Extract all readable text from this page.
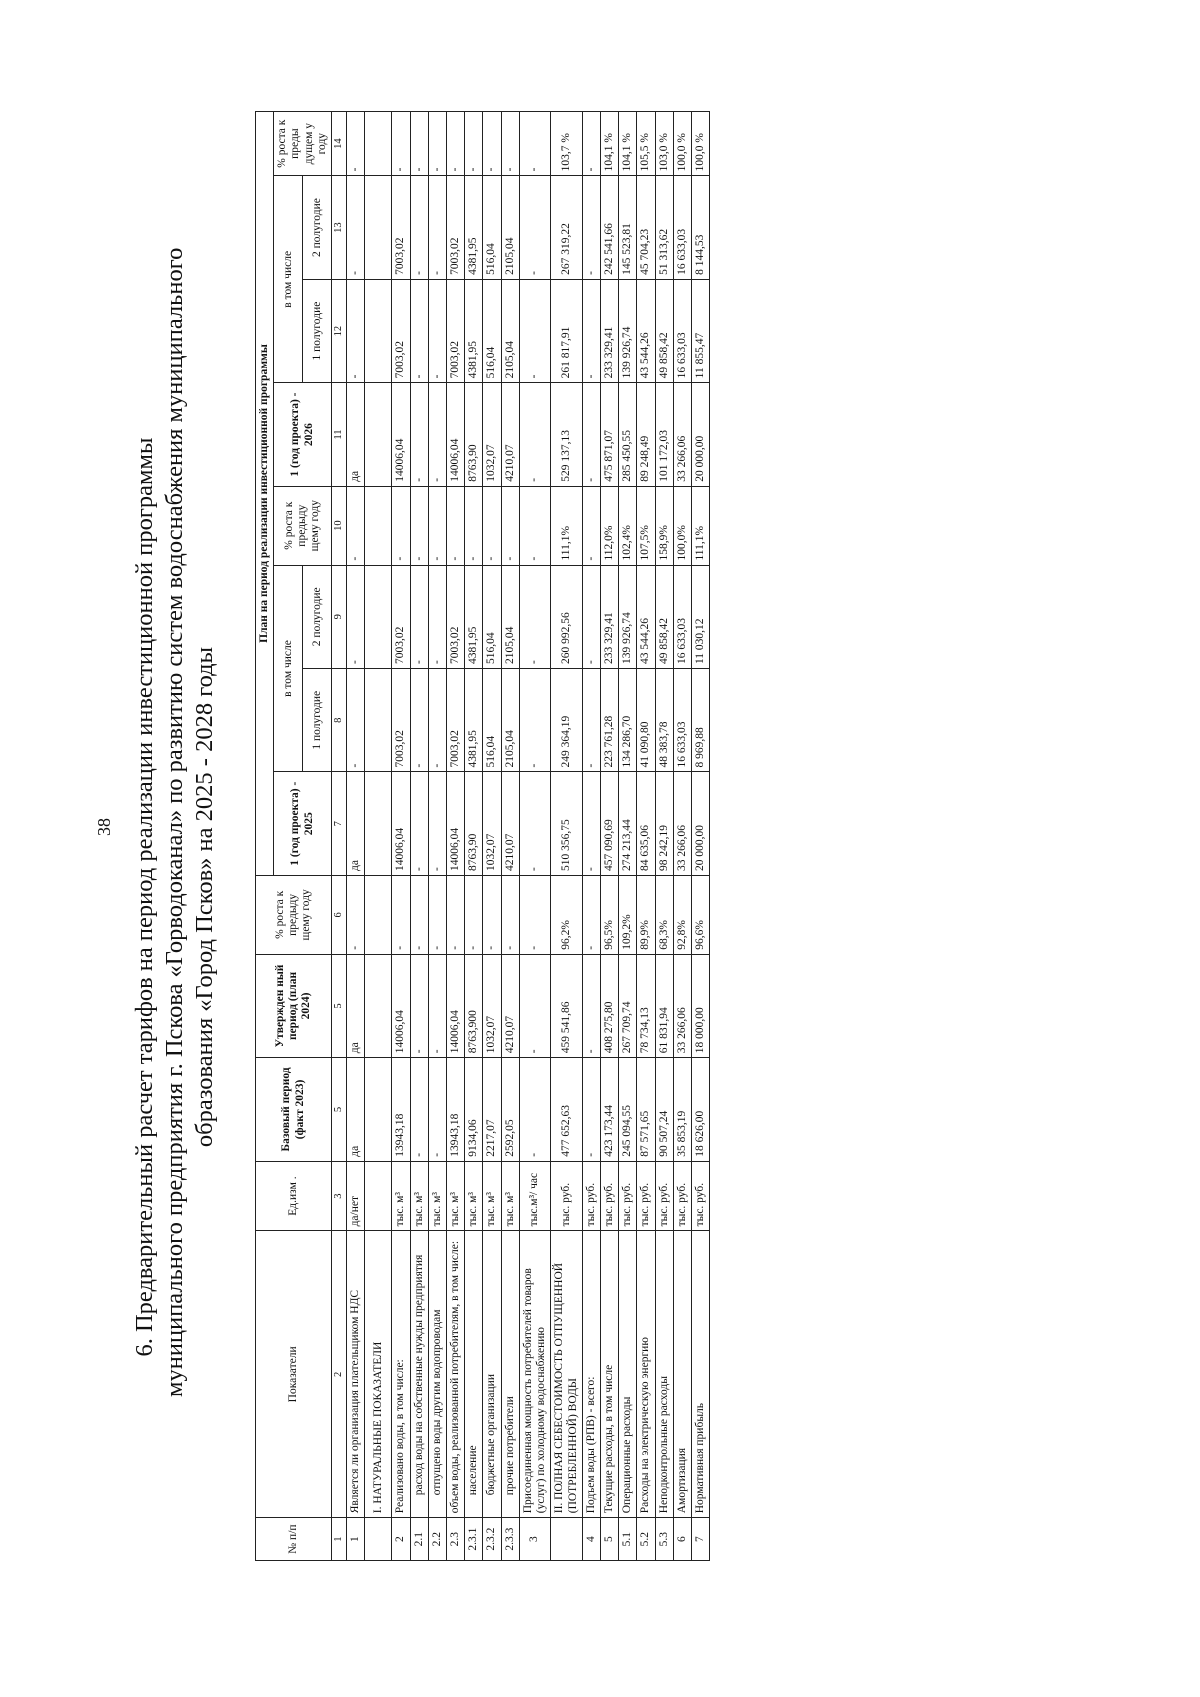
38 6. Предварительный расчет тарифов на период реализации инвестиционной программы муниципального предприятия г. Пскова «Горводоканал» по развитию систем водоснабжения муниципального образования «Город Псков» на 2025 - 2028 годы
№ п/п	Показатели	Ед.изм .	Базовый период (факт 2023)	Утвержден ный период (план 2024)	% роста к предыду щему году	План на период реализации инвестиционной программы							
						1 (год проекта) - 2025	в том числе		% роста к предыду щему году	1 (год проекта) - 2026	в том числе		% роста к преды дущем у году
							1 полугодие	2 полугодие			1 полугодие	2 полугодие	
1	2	3	5	5	6	7	8	9	10	11	12	13	14
1	Является ли организация плательщиком НДС	да/нет	да	да	-	да	-	-	-	да	-	-	-
	I. НАТУРАЛЬНЫЕ ПОКАЗАТЕЛИ												
2	Реализовано воды, в том числе:	тыс. м³	13943,18	14006,04	-	14006,04	7003,02	7003,02	-	14006,04	7003,02	7003,02	-
2.1	расход воды на собственные нужды предприятия	тыс. м³	-	-	-	-	-	-	-	-	-	-	-
2.2	отпущено воды другим водопроводам	тыс. м³	-	-	-	-	-	-	-	-	-	-	-
2.3	объем воды, реализованной потребителям, в том числе:	тыс. м³	13943,18	14006,04	-	14006,04	7003,02	7003,02	-	14006,04	7003,02	7003,02	-
2.3.1	население	тыс. м³	9134,06	8763,900	-	8763,90	4381,95	4381,95	-	8763,90	4381,95	4381,95	-
2.3.2	бюджетные организации	тыс. м³	2217,07	1032,07	-	1032,07	516,04	516,04	-	1032,07	516,04	516,04	-
2.3.3	прочие потребители	тыс. м³	2592,05	4210,07	-	4210,07	2105,04	2105,04	-	4210,07	2105,04	2105,04	-
3	Присоединенная мощность потребителей товаров (услуг) по холодному водоснабжению	тыс.м³/ час	-	-	-	-	-	-	-	-	-	-	-
	II. ПОЛНАЯ СЕБЕСТОИМОСТЬ ОТПУЩЕННОЙ (ПОТРЕБЛЕННОЙ) ВОДЫ	тыс. руб.	477 652,63	459 541,86	96,2%	510 356,75	249 364,19	260 992,56	111,1%	529 137,13	261 817,91	267 319,22	103,7 %
4	Подъем воды (РПВ) - всего:	тыс. руб.	-	-	-	-	-	-	-	-	-	-	-
5	Текущие расходы, в том числе	тыс. руб.	423 173,44	408 275,80	96,5%	457 090,69	223 761,28	233 329,41	112,0%	475 871,07	233 329,41	242 541,66	104,1 %
5.1	Операционные расходы	тыс. руб.	245 094,55	267 709,74	109,2%	274 213,44	134 286,70	139 926,74	102,4%	285 450,55	139 926,74	145 523,81	104,1 %
5.2	Расходы на электрическую энергию	тыс. руб.	87 571,65	78 734,13	89,9%	84 635,06	41 090,80	43 544,26	107,5%	89 248,49	43 544,26	45 704,23	105,5 %
5.3	Неподконтрольные расходы	тыс. руб.	90 507,24	61 831,94	68,3%	98 242,19	48 383,78	49 858,42	158,9%	101 172,03	49 858,42	51 313,62	103,0 %
6	Амортизация	тыс. руб.	35 853,19	33 266,06	92,8%	33 266,06	16 633,03	16 633,03	100,0%	33 266,06	16 633,03	16 633,03	100,0 %
7	Нормативная прибыль	тыс. руб.	18 626,00	18 000,00	96,6%	20 000,00	8 969,88	11 030,12	111,1%	20 000,00	11 855,47	8 144,53	100,0 %
